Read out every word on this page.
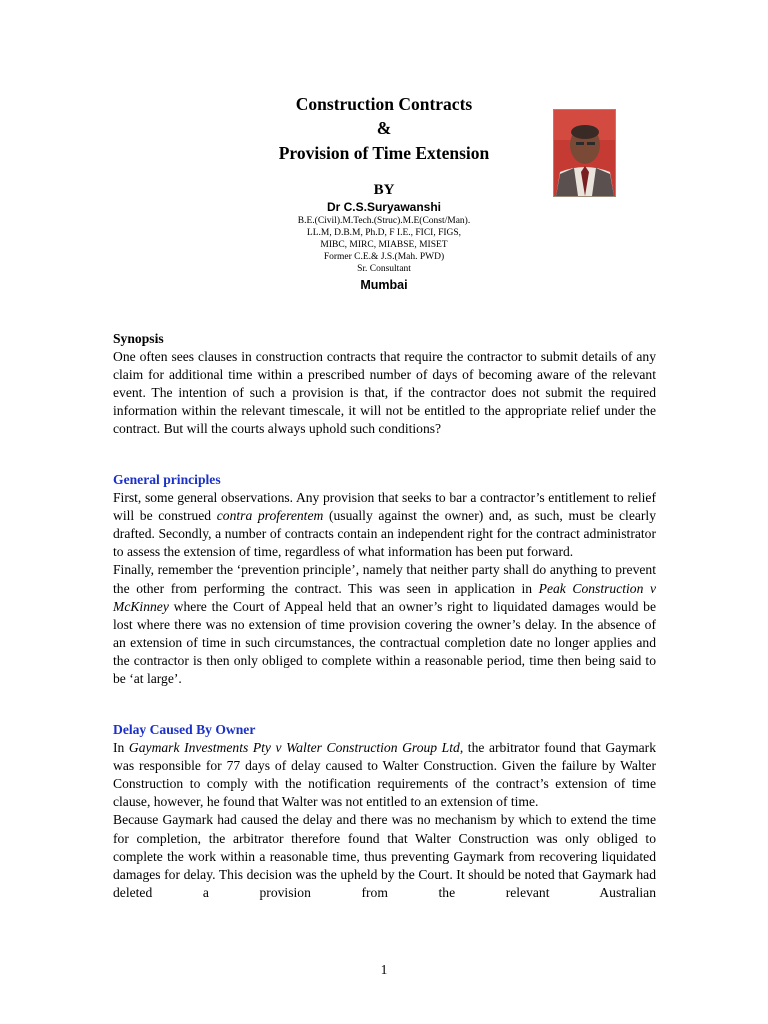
Construction Contracts
&
Provision of Time Extension
BY
Dr C.S.Suryawanshi
B.E.(Civil).M.Tech.(Struc).M.E(Const/Man).
LL.M, D.B.M, Ph.D, F I.E., FICI, FIGS,
MIBC, MIRC, MIABSE, MISET
Former C.E.& J.S.(Mah. PWD)
Sr. Consultant
Mumbai
Synopsis

One often sees clauses in construction contracts that require the contractor to submit details of any claim for additional time within a prescribed number of days of becoming aware of the relevant event. The intention of such a provision is that, if the contractor does not submit the required information within the relevant timescale, it will not be entitled to the appropriate relief under the contract. But will the courts always uphold such conditions?

General principles

First, some general observations. Any provision that seeks to bar a contractor’s entitlement to relief will be construed contra proferentem (usually against the owner) and, as such, must be clearly drafted. Secondly, a number of contracts contain an independent right for the contract administrator to assess the extension of time, regardless of what information has been put forward.

Finally, remember the ‘prevention principle’, namely that neither party shall do anything to prevent the other from performing the contract. This was seen in application in Peak Construction v McKinney where the Court of Appeal held that an owner’s right to liquidated damages would be lost where there was no extension of time provision covering the owner’s delay. In the absence of an extension of time in such circumstances, the contractual completion date no longer applies and the contractor is then only obliged to complete within a reasonable period, time then being said to be ‘at large’.

Delay Caused By Owner

In Gaymark Investments Pty v Walter Construction Group Ltd, the arbitrator found that Gaymark was responsible for 77 days of delay caused to Walter Construction. Given the failure by Walter Construction to comply with the notification requirements of the contract’s extension of time clause, however, he found that Walter was not entitled to an extension of time.

Because Gaymark had caused the delay and there was no mechanism by which to extend the time for completion, the arbitrator therefore found that Walter Construction was only obliged to complete the work within a reasonable time, thus preventing Gaymark from recovering liquidated damages for delay. This decision was the upheld by the Court. It should be noted that Gaymark had deleted a provision from the relevant Australian

1
